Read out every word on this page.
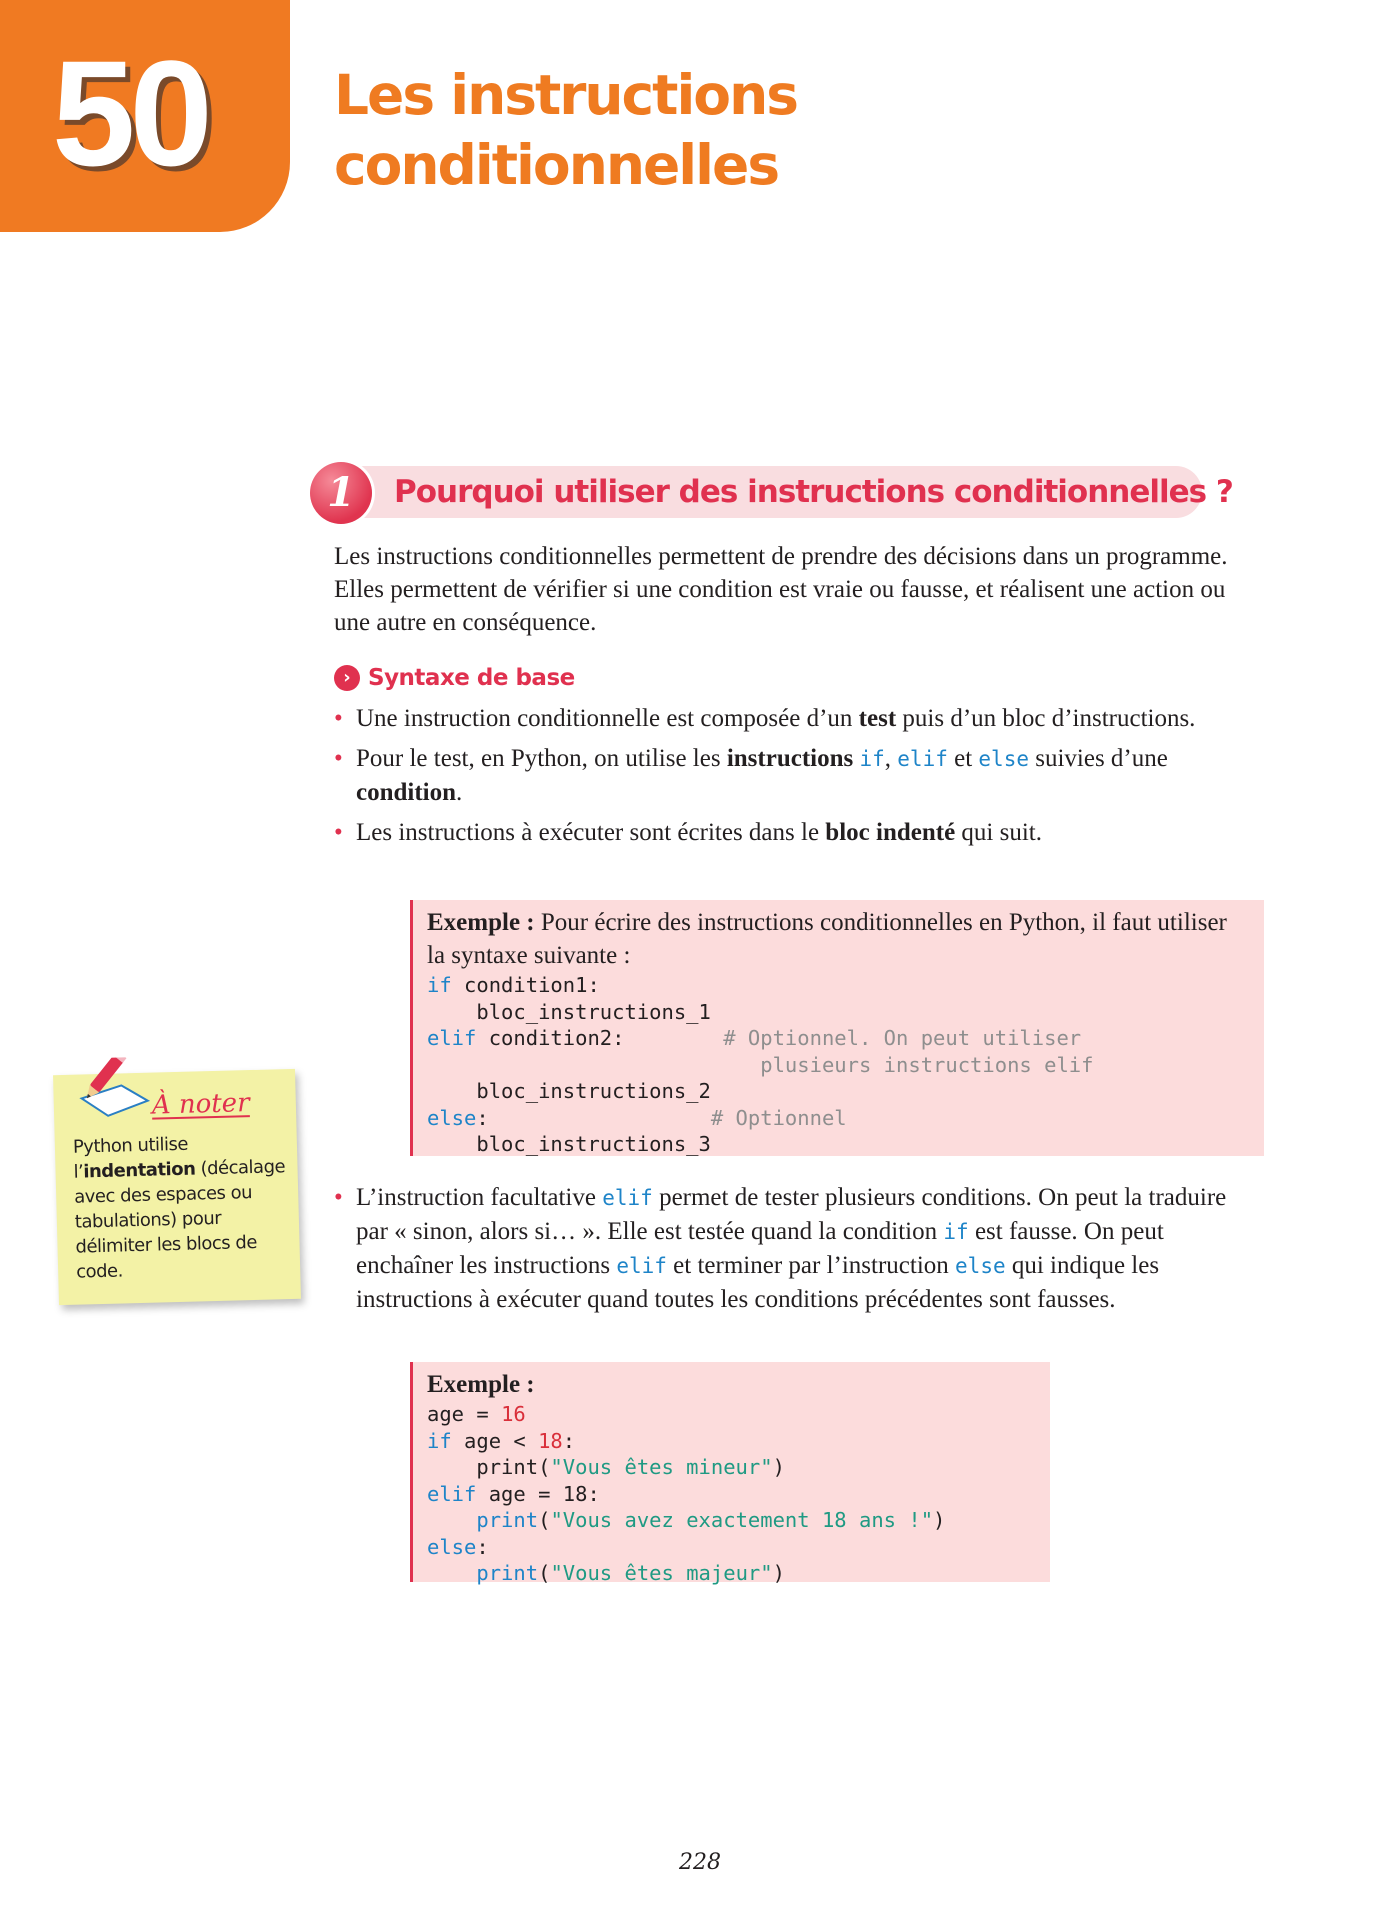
50	Les instructions
conditionnelles
1	Pourquoi utiliser des instructions conditionnelles ?

Les instructions conditionnelles permettent de prendre des décisions dans un programme. Elles permettent de vérifier si une condition est vraie ou fausse, et réalisent une action ou une autre en conséquence.

› Syntaxe de base
• Une instruction conditionnelle est composée d’un test puis d’un bloc d’instructions.
• Pour le test, en Python, on utilise les instructions if, elif et else suivies d’une condition.
• Les instructions à exécuter sont écrites dans le bloc indenté qui suit.

Exemple : Pour écrire des instructions conditionnelles en Python, il faut utiliser la syntaxe suivante :

if condition1:
bloc_instructions_1
elif condition2:        # Optionnel. On peut utiliser
plusieurs instructions elif
bloc_instructions_2
else:                  # Optionnel
bloc_instructions_3
• L’instruction facultative elif permet de tester plusieurs conditions. On peut la traduire par « sinon, alors si… ». Elle est testée quand la condition if est fausse. On peut enchaîner les instructions elif et terminer par l’instruction else qui indique les instructions à exécuter quand toutes les conditions précédentes sont fausses.

Exemple :

age = 16
if age < 18:
print("Vous êtes mineur")
elif age = 18:
print("Vous avez exactement 18 ans !")
else:
print("Vous êtes majeur")

À noter

Python utilise l’indentation (décalage avec des espaces ou tabulations) pour délimiter les blocs de code.

228
